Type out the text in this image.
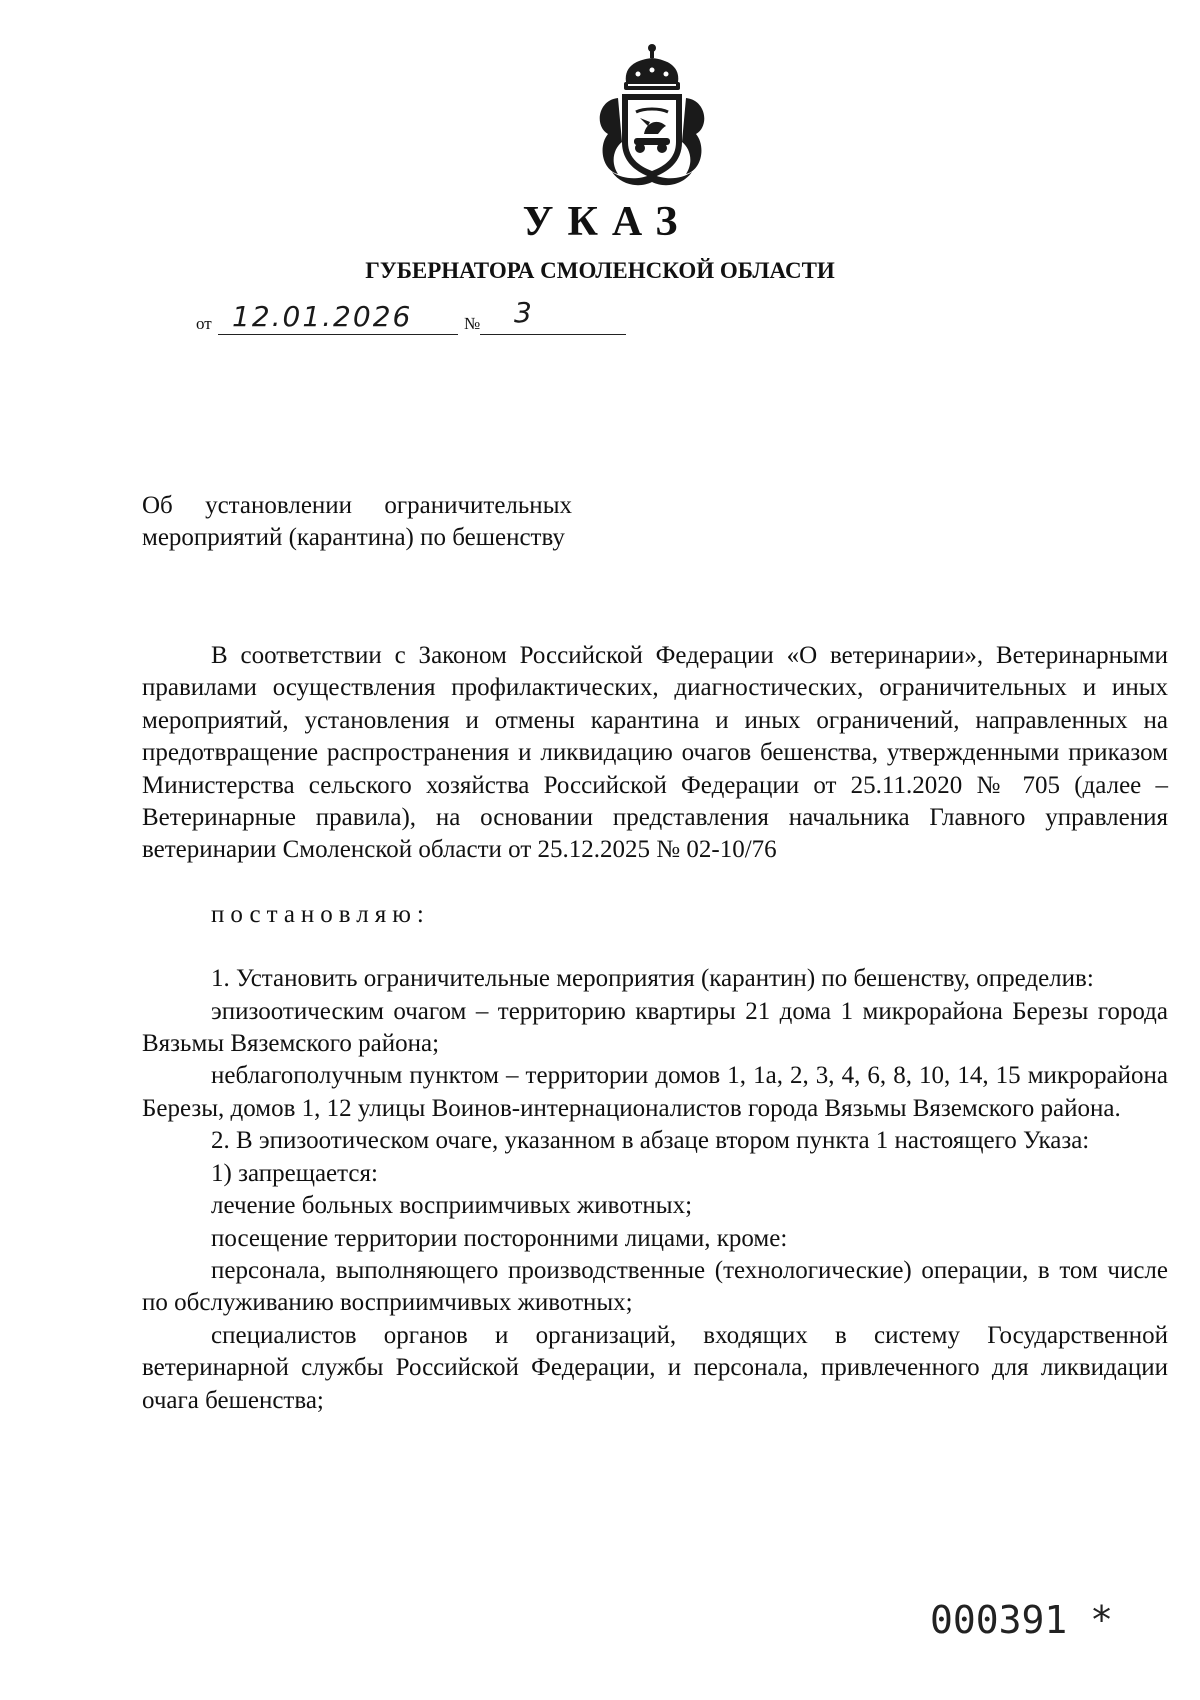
УКАЗ
ГУБЕРНАТОРА СМОЛЕНСКОЙ ОБЛАСТИ
от 12.01.2026	№ 3
Об установлении ограничительных мероприятий (карантина) по бешенству

В соответствии с Законом Российской Федерации «О ветеринарии», Ветеринарными правилами осуществления профилактических, диагностических, ограничительных и иных мероприятий, установления и отмены карантина и иных ограничений, направленных на предотвращение распространения и ликвидацию очагов бешенства, утвержденными приказом Министерства сельского хозяйства Российской Федерации от 25.11.2020 № 705 (далее – Ветеринарные правила), на основании представления начальника Главного управления ветеринарии Смоленской области от 25.12.2025 № 02-10/76

постановляю:

1. Установить ограничительные мероприятия (карантин) по бешенству, определив:

эпизоотическим очагом – территорию квартиры 21 дома 1 микрорайона Березы города Вязьмы Вяземского района;

неблагополучным пунктом – территории домов 1, 1а, 2, 3, 4, 6, 8, 10, 14, 15 микрорайона Березы, домов 1, 12 улицы Воинов-интернационалистов города Вязьмы Вяземского района.

2. В эпизоотическом очаге, указанном в абзаце втором пункта 1 настоящего Указа:

1) запрещается:

лечение больных восприимчивых животных;

посещение территории посторонними лицами, кроме:

персонала, выполняющего производственные (технологические) операции, в том числе по обслуживанию восприимчивых животных;

специалистов органов и организаций, входящих в систему Государственной ветеринарной службы Российской Федерации, и персонала, привлеченного для ликвидации очага бешенства;

000391 *
